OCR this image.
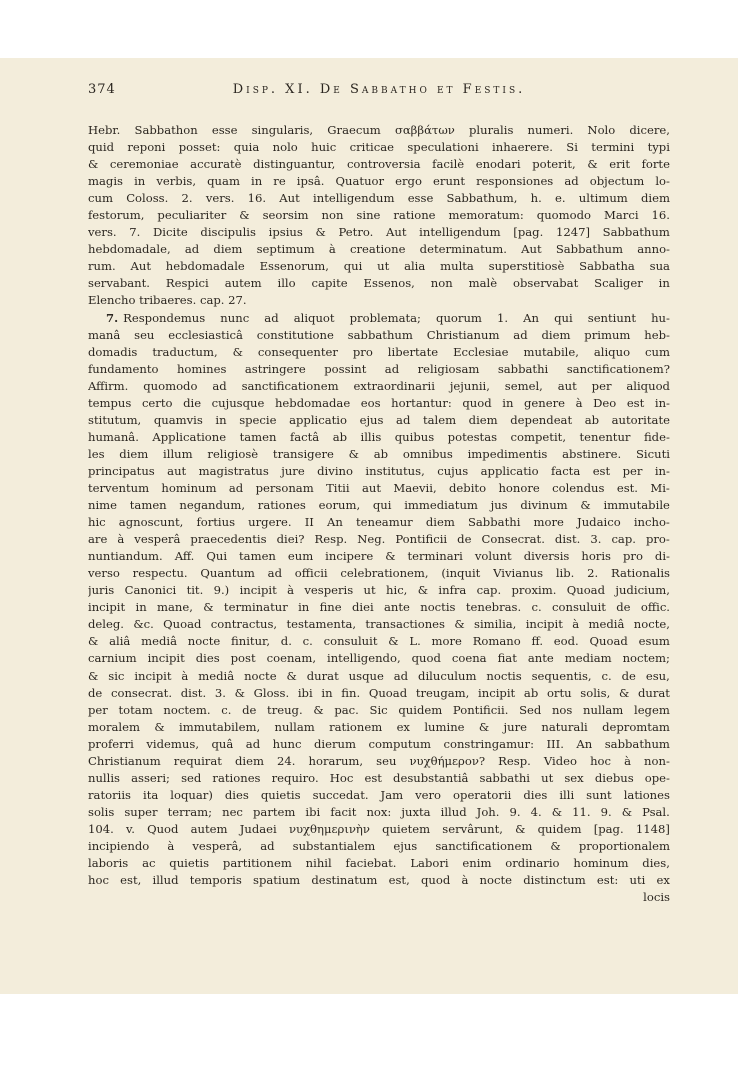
374	Disp. XI. De Sabbatho et Festis.
Hebr. Sabbathon esse singularis, Graecum σαββάτων pluralis numeri. Nolo dicere,
quid reponi posset: quia nolo huic criticae speculationi inhaerere. Si termini typi
& ceremoniae accuratè distinguantur, controversia facilè enodari poterit, & erit forte
magis in verbis, quam in re ipsâ. Quatuor ergo erunt responsiones ad objectum lo-
cum Coloss. 2. vers. 16. Aut intelligendum esse Sabbathum, h. e. ultimum diem
festorum, peculiariter & seorsim non sine ratione memoratum: quomodo Marci 16.
vers. 7. Dicite discipulis ipsius & Petro. Aut intelligendum [pag. 1247] Sabbathum
hebdomadale, ad diem septimum à creatione determinatum. Aut Sabbathum anno-
rum. Aut hebdomadale Essenorum, qui ut alia multa superstitiosè Sabbatha sua
servabant. Respici autem illo capite Essenos, non malè observabat Scaliger in
Elencho tribaeres. cap. 27.
7. Respondemus nunc ad aliquot problemata; quorum 1. An qui sentiunt hu-
manâ seu ecclesiasticâ constitutione sabbathum Christianum ad diem primum heb-
domadis traductum, & consequenter pro libertate Ecclesiae mutabile, aliquo cum
fundamento homines astringere possint ad religiosam sabbathi sanctificationem?
Affirm. quomodo ad sanctificationem extraordinarii jejunii, semel, aut per aliquod
tempus certo die cujusque hebdomadae eos hortantur: quod in genere à Deo est in-
stitutum, quamvis in specie applicatio ejus ad talem diem dependeat ab autoritate
humanâ. Applicatione tamen factâ ab illis quibus potestas competit, tenentur fide-
les diem illum religiosè transigere & ab omnibus impedimentis abstinere. Sicuti
principatus aut magistratus jure divino institutus, cujus applicatio facta est per in-
terventum hominum ad personam Titii aut Maevii, debito honore colendus est. Mi-
nime tamen negandum, rationes eorum, qui immediatum jus divinum & immutabile
hic agnoscunt, fortius urgere. II An teneamur diem Sabbathi more Judaico incho-
are à vesperâ praecedentis diei? Resp. Neg. Pontificii de Consecrat. dist. 3. cap. pro-
nuntiandum. Aff. Qui tamen eum incipere & terminari volunt diversis horis pro di-
verso respectu. Quantum ad officii celebrationem, (inquit Vivianus lib. 2. Rationalis
juris Canonici tit. 9.) incipit à vesperis ut hic, & infra cap. proxim. Quoad judicium,
incipit in mane, & terminatur in fine diei ante noctis tenebras. c. consuluit de offic.
deleg. &c. Quoad contractus, testamenta, transactiones & similia, incipit à mediâ nocte,
& aliâ mediâ nocte finitur, d. c. consuluit & L. more Romano ff. eod. Quoad esum
carnium incipit dies post coenam, intelligendo, quod coena fiat ante mediam noctem;
& sic incipit à mediâ nocte & durat usque ad diluculum noctis sequentis, c. de esu,
de consecrat. dist. 3. & Gloss. ibi in fin. Quoad treugam, incipit ab ortu solis, & durat
per totam noctem. c. de treug. & pac. Sic quidem Pontificii. Sed nos nullam legem
moralem & immutabilem, nullam rationem ex lumine & jure naturali depromtam
proferri videmus, quâ ad hunc dierum computum constringamur: III. An sabbathum
Christianum requirat diem 24. horarum, seu νυχθήμερον? Resp. Video hoc à non-
nullis asseri; sed rationes requiro. Hoc est desubstantiâ sabbathi ut sex diebus ope-
ratoriis ita loquar) dies quietis succedat. Jam vero operatorii dies illi sunt lationes
solis super terram; nec partem ibi facit nox: juxta illud Joh. 9. 4. & 11. 9. & Psal.
104. v. Quod autem Judaei νυχθημερινὴν quietem servârunt, & quidem [pag. 1148]
incipiendo à vesperâ, ad substantialem ejus sanctificationem & proportionalem
laboris ac quietis partitionem nihil faciebat. Labori enim ordinario hominum dies,
hoc est, illud temporis spatium destinatum est, quod à nocte distinctum est: uti ex
locis
